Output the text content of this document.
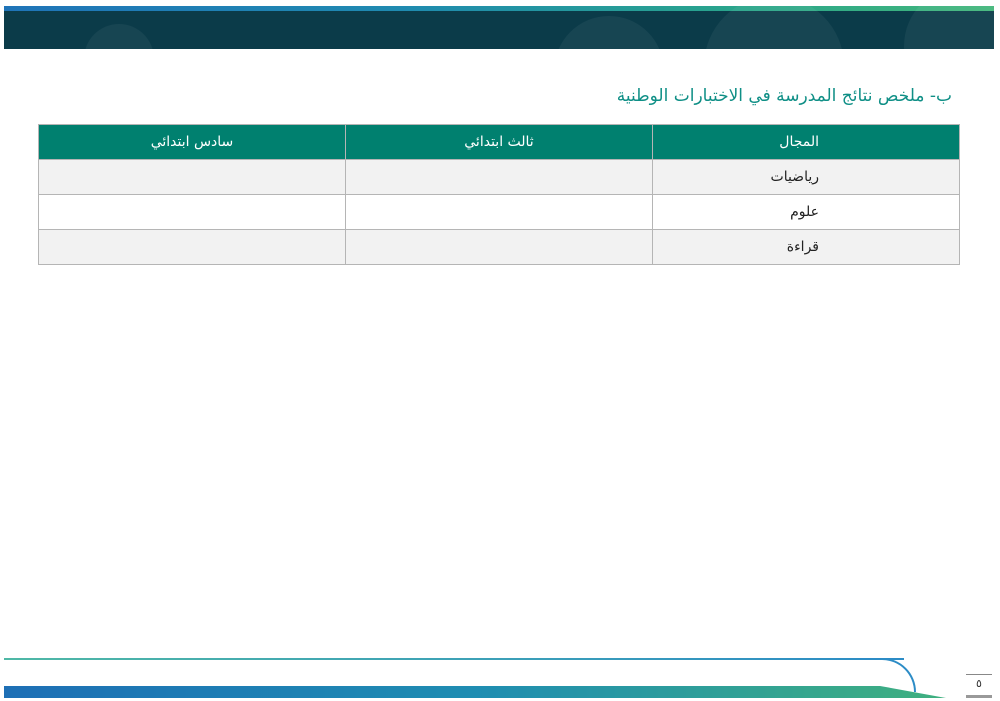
ب- ملخص نتائج المدرسة في الاختبارات الوطنية
المجال	ثالث ابتدائي	سادس ابتدائي
رياضيات		
علوم		
قراءة		
٥
